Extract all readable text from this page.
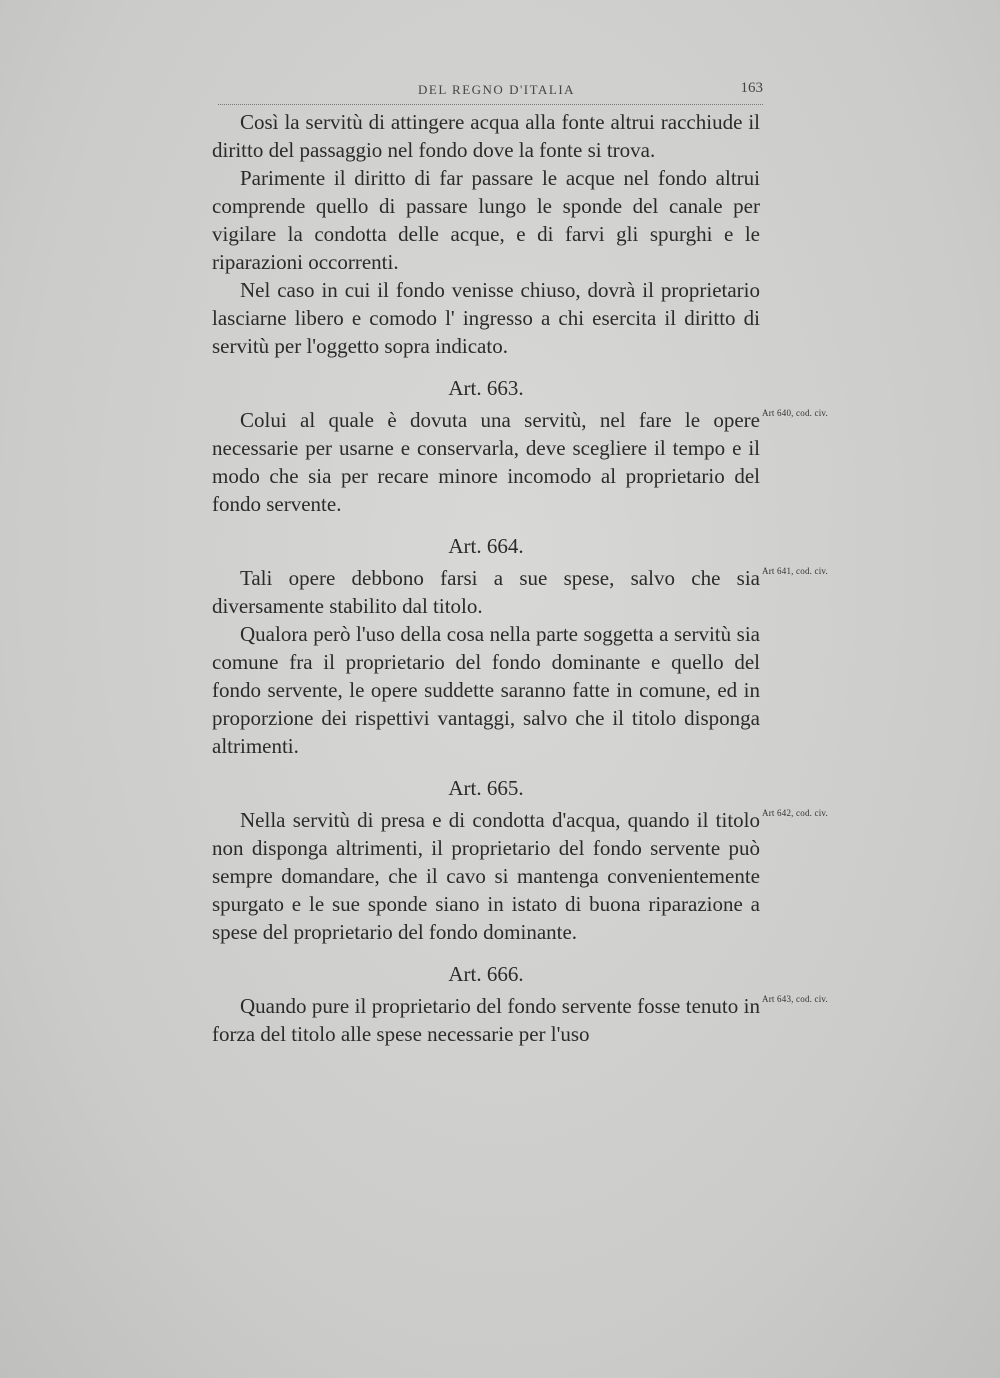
DEL REGNO D'ITALIA	163

Così la servitù di attingere acqua alla fonte altrui racchiude il diritto del passaggio nel fondo dove la fonte si trova.

Parimente il diritto di far passare le acque nel fondo altrui comprende quello di passare lungo le sponde del canale per vigilare la condotta delle acque, e di farvi gli spurghi e le riparazioni occorrenti.

Nel caso in cui il fondo venisse chiuso, dovrà il proprietario lasciarne libero e comodo l' ingresso a chi esercita il diritto di servitù per l'oggetto sopra indicato.

Art. 663.
Art 640, cod. civ.

Colui al quale è dovuta una servitù, nel fare le opere necessarie per usarne e conservarla, deve scegliere il tempo e il modo che sia per recare minore incomodo al proprietario del fondo servente.

Art. 664.
Art 641, cod. civ.

Tali opere debbono farsi a sue spese, salvo che sia diversamente stabilito dal titolo.

Qualora però l'uso della cosa nella parte soggetta a servitù sia comune fra il proprietario del fondo dominante e quello del fondo servente, le opere suddette saranno fatte in comune, ed in proporzione dei rispettivi vantaggi, salvo che il titolo disponga altrimenti.

Art. 665.
Art 642, cod. civ.

Nella servitù di presa e di condotta d'acqua, quando il titolo non disponga altrimenti, il proprietario del fondo servente può sempre domandare, che il cavo si mantenga convenientemente spurgato e le sue sponde siano in istato di buona riparazione a spese del proprietario del fondo dominante.

Art. 666.
Art 643, cod. civ.

Quando pure il proprietario del fondo servente fosse tenuto in forza del titolo alle spese necessarie per l'uso
